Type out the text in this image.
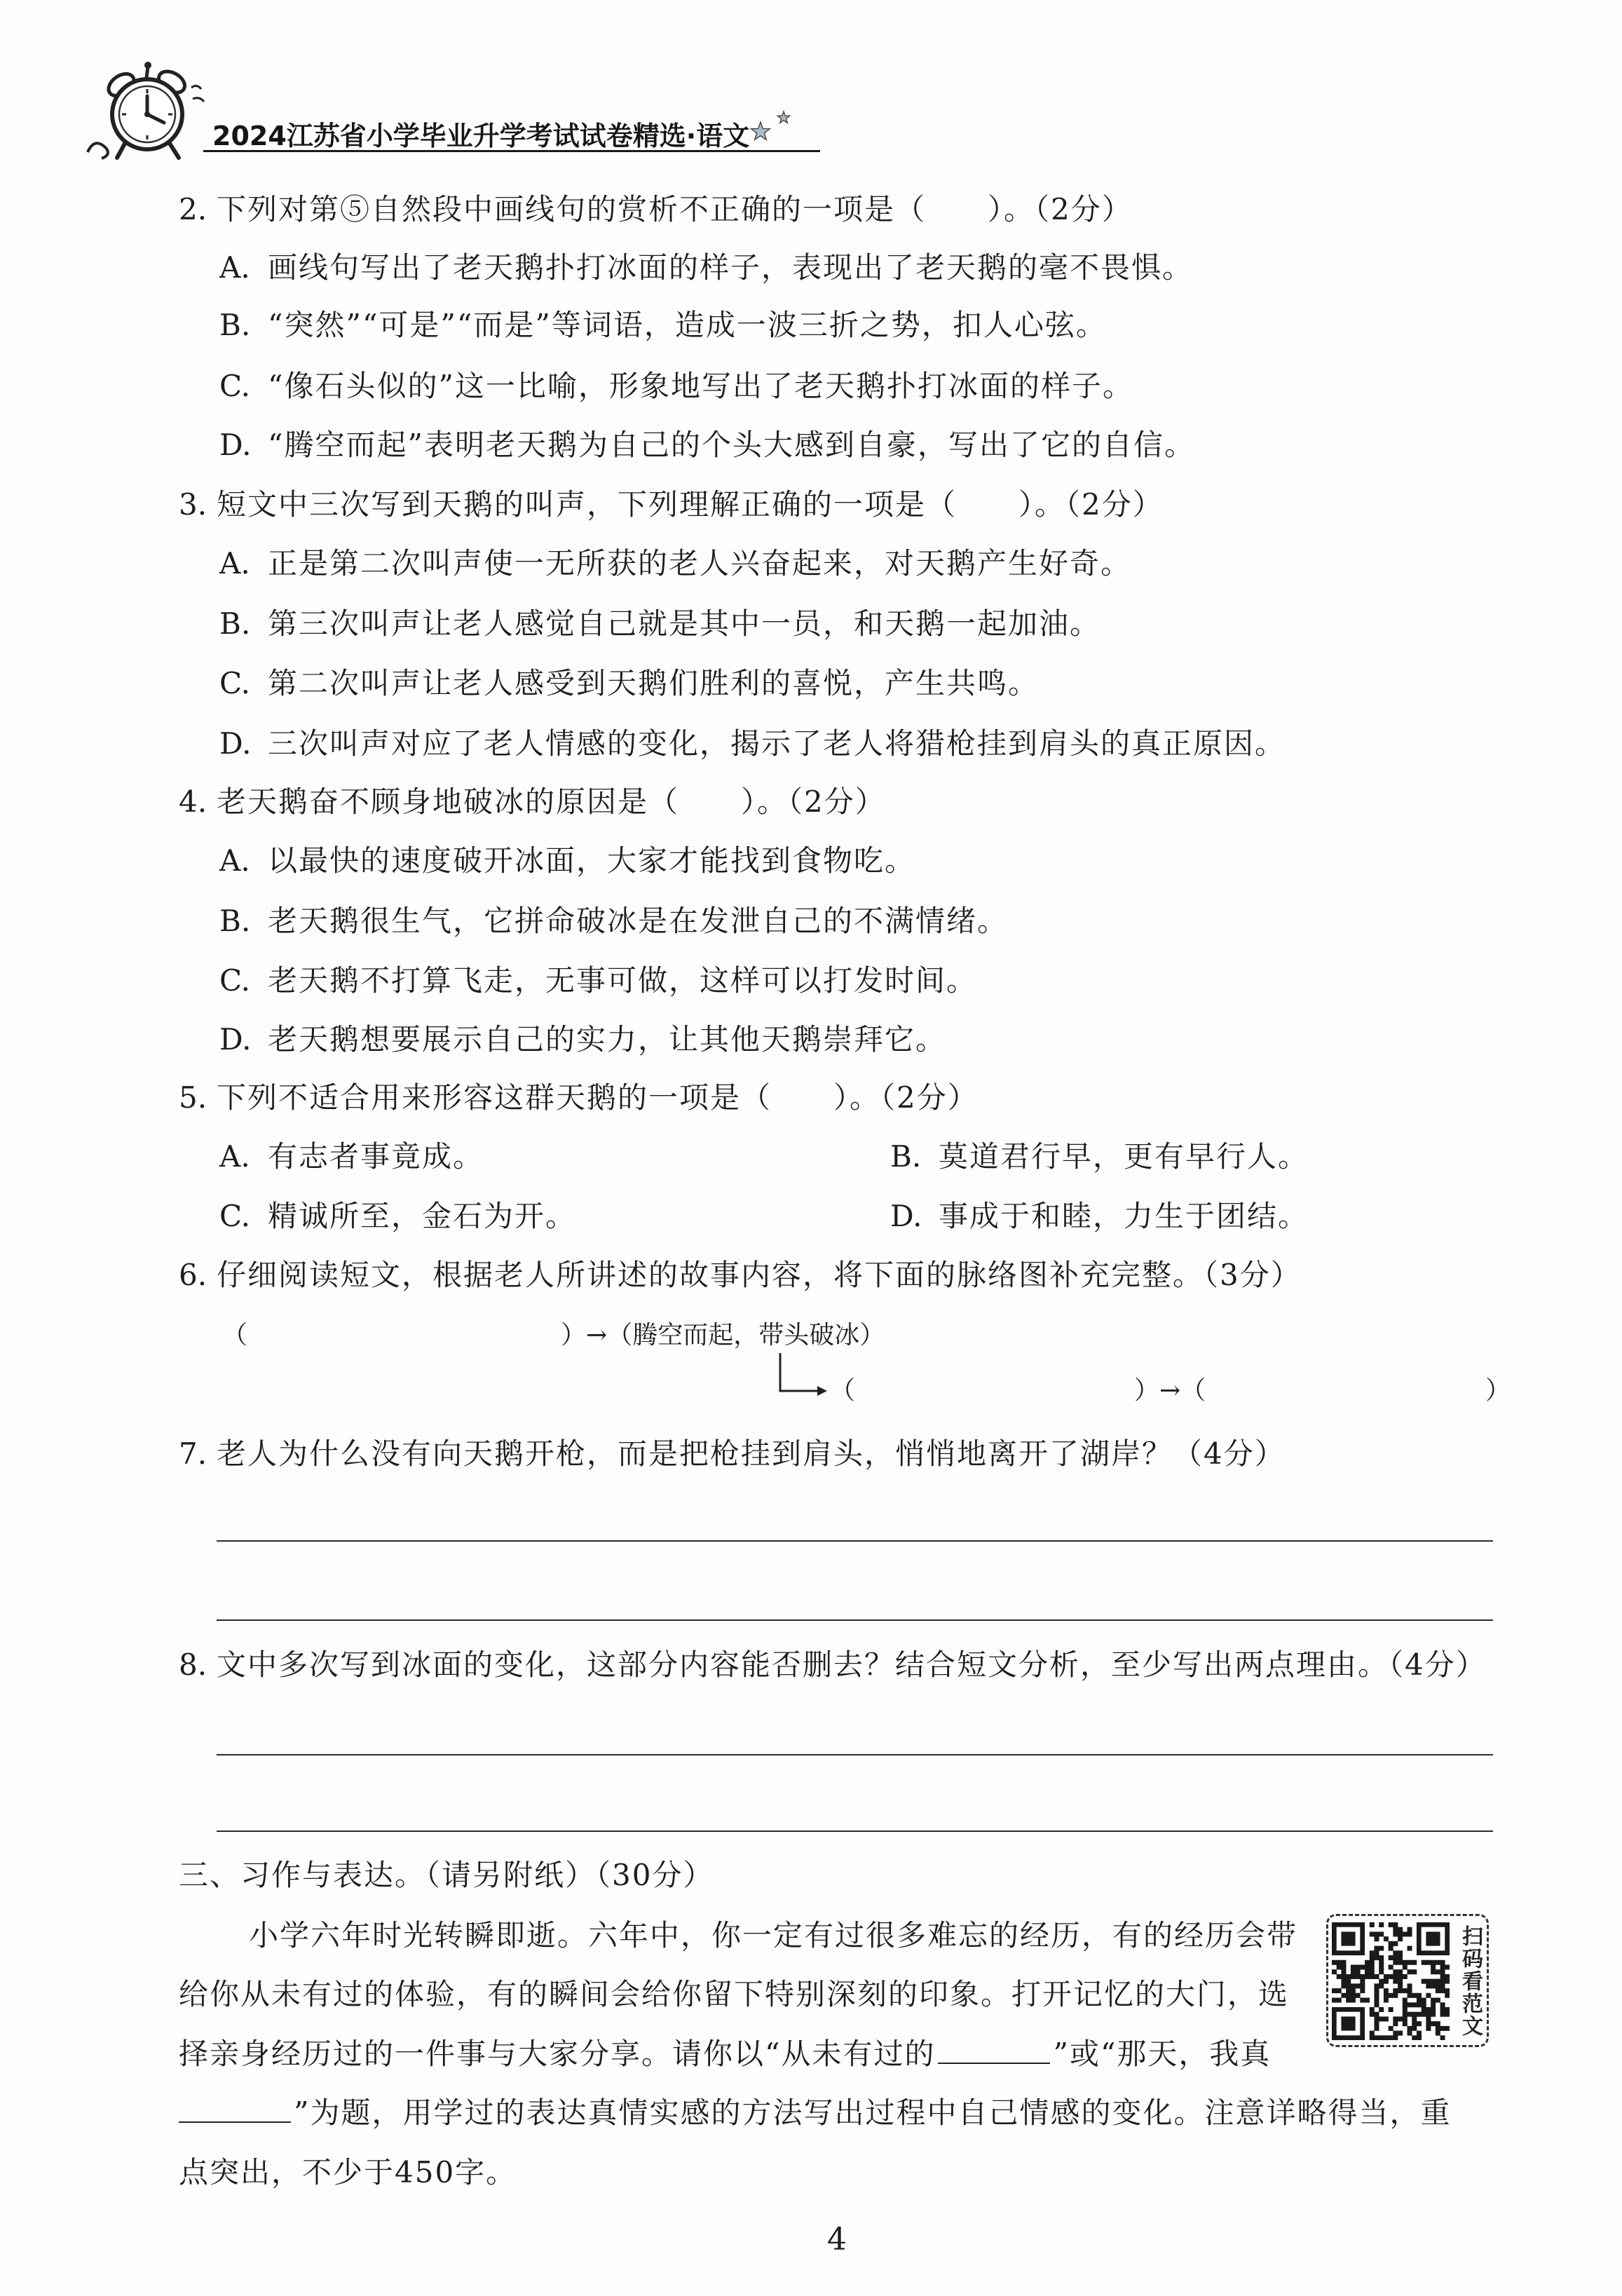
2024江苏省小学毕业升学考试试卷精选·语文
2. 下列对第⑤自然段中画线句的赏析不正确的一项是（　　）。（2分）
A. 画线句写出了老天鹅扑打冰面的样子，表现出了老天鹅的毫不畏惧。
B. “突然”“可是”“而是”等词语，造成一波三折之势，扣人心弦。
C. “像石头似的”这一比喻，形象地写出了老天鹅扑打冰面的样子。
D. “腾空而起”表明老天鹅为自己的个头大感到自豪，写出了它的自信。
3. 短文中三次写到天鹅的叫声，下列理解正确的一项是（　　）。（2分）
A. 正是第二次叫声使一无所获的老人兴奋起来，对天鹅产生好奇。
B. 第三次叫声让老人感觉自己就是其中一员，和天鹅一起加油。
C. 第二次叫声让老人感受到天鹅们胜利的喜悦，产生共鸣。
D. 三次叫声对应了老人情感的变化，揭示了老人将猎枪挂到肩头的真正原因。
4. 老天鹅奋不顾身地破冰的原因是（　　）。（2分）
A. 以最快的速度破开冰面，大家才能找到食物吃。
B. 老天鹅很生气，它拼命破冰是在发泄自己的不满情绪。
C. 老天鹅不打算飞走，无事可做，这样可以打发时间。
D. 老天鹅想要展示自己的实力，让其他天鹅崇拜它。
5. 下列不适合用来形容这群天鹅的一项是（　　）。（2分）
A. 有志者事竟成。	B. 莫道君行早，更有早行人。
C. 精诚所至，金石为开。	D. 事成于和睦，力生于团结。
6. 仔细阅读短文，根据老人所讲述的故事内容，将下面的脉络图补充完整。（3分）
（	）→（腾空而起，带头破冰）
（	）→（	）
7. 老人为什么没有向天鹅开枪，而是把枪挂到肩头，悄悄地离开了湖岸？（4分）
8. 文中多次写到冰面的变化，这部分内容能否删去？结合短文分析，至少写出两点理由。（4分）
三、习作与表达。（请另附纸）（30分）
小学六年时光转瞬即逝。六年中，你一定有过很多难忘的经历，有的经历会带
给你从未有过的体验，有的瞬间会给你留下特别深刻的印象。打开记忆的大门，选
择亲身经历过的一件事与大家分享。请你以“从未有过的	”或“那天，我真
”为题，用学过的表达真情实感的方法写出过程中自己情感的变化。注意详略得当，重
点突出，不少于450字。
扫码看范文
4
